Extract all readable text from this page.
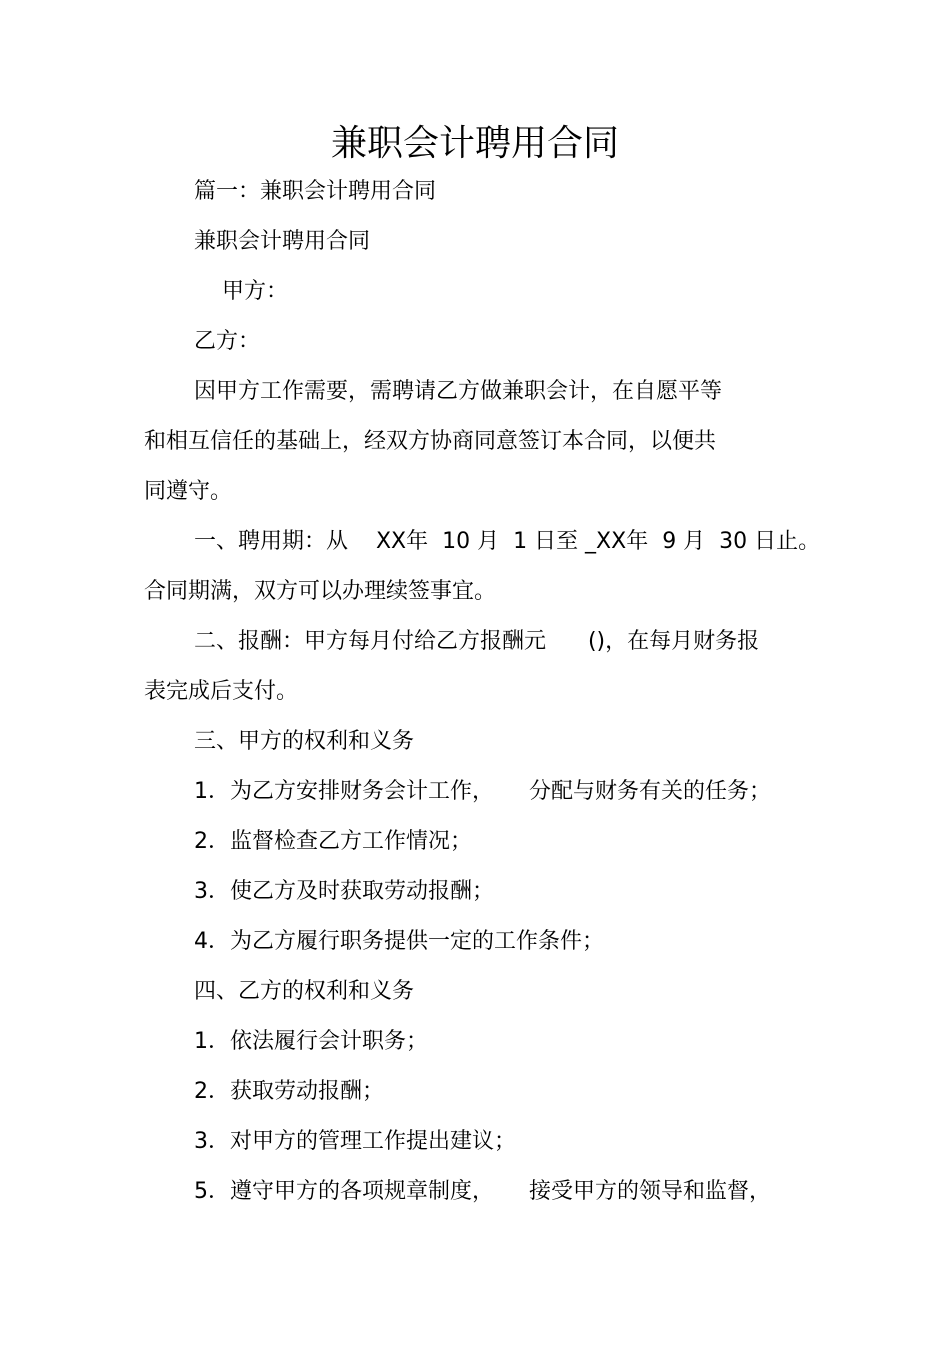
兼职会计聘用合同
篇一：兼职会计聘用合同
兼职会计聘用合同
甲方：
乙方：
因甲方工作需要，需聘请乙方做兼职会计，在自愿平等
和相互信任的基础上，经双方协商同意签订本合同，以便共
同遵守。
一、聘用期：从    XX年  10 月  1 日至 _XX年  9 月  30 日止。
合同期满，双方可以办理续签事宜。
二、报酬：甲方每月付给乙方报酬元      ()，在每月财务报
表完成后支付。
三、甲方的权利和义务
1．为乙方安排财务会计工作，     分配与财务有关的任务；
2．监督检查乙方工作情况；
3．使乙方及时获取劳动报酬；
4．为乙方履行职务提供一定的工作条件；
四、乙方的权利和义务
1．依法履行会计职务；
2．获取劳动报酬；
3．对甲方的管理工作提出建议；
5．遵守甲方的各项规章制度，     接受甲方的领导和监督，
